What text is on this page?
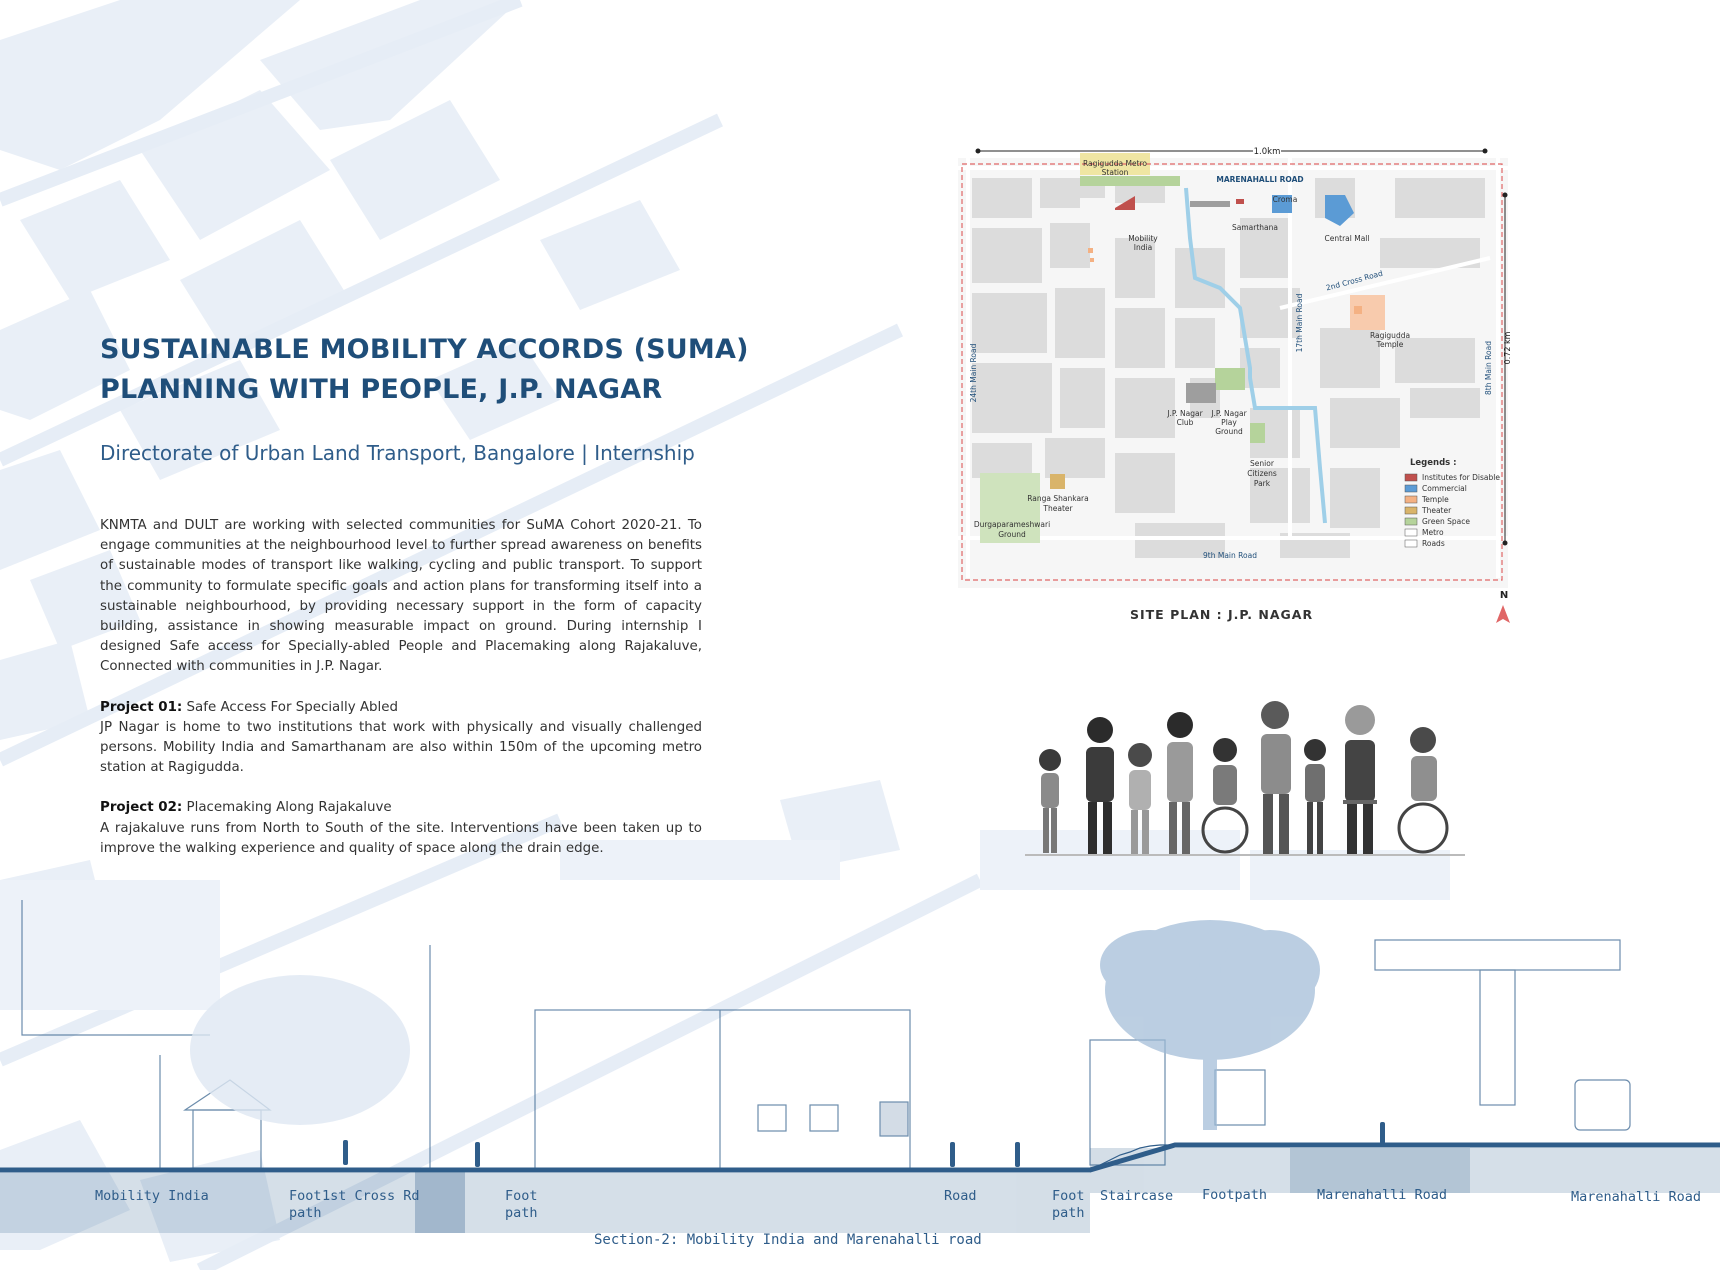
SUSTAINABLE MOBILITY ACCORDS (SUMA)
PLANNING WITH PEOPLE, J.P. NAGAR
Directorate of Urban Land Transport, Bangalore | Internship

KNMTA and DULT are working with selected communities for SuMA Cohort 2020-21. To engage communities at the neighbourhood level to further spread awareness on benefits of sustainable modes of transport like walking, cycling and public transport. To support the community to formulate specific goals and action plans for transforming itself into a sustainable neighbourhood, by providing necessary support in the form of capacity building, assistance in showing measurable impact on ground. During internship I designed Safe access for Specially-abled People and Placemaking along Rajakaluve, Connected with communities in J.P. Nagar.

Project 01: Safe Access For Specially Abled
JP Nagar is home to two institutions that work with physically and visually challenged persons. Mobility India and Samarthanam are also within 150m of the upcoming metro station at Ragigudda.

Project 02: Placemaking Along Rajakaluve
A rajakaluve runs from North to South of the site. Interventions have been taken up to improve the walking experience and quality of space along the drain edge.

1.0km
0.72 km
Ragigudda Metro
Station
MARENAHALLI ROAD
Croma
Samarthana
Central Mall
Mobility
India
2nd Cross Road
Ragigudda
Temple
17th Main Road
24th Main Road	8th Main Road
J.P. Nagar
Club
J.P. Nagar
Play
Ground
Senior
Citizens
Park
Ranga Shankara
Theater
Durgaparameshwari
Ground
9th Main Road
Legends :
Institutes for Disable
Commercial
Temple
Theater
Green Space
Metro
Roads
N
SITE PLAN : J.P. NAGAR
Mobility India	Foot
path
1st Cross Rd	Foot
path
Road	Foot
path
Staircase Footpath	Marenahalli Road	Marenahalli Road
Section-2: Mobility India and Marenahalli road
